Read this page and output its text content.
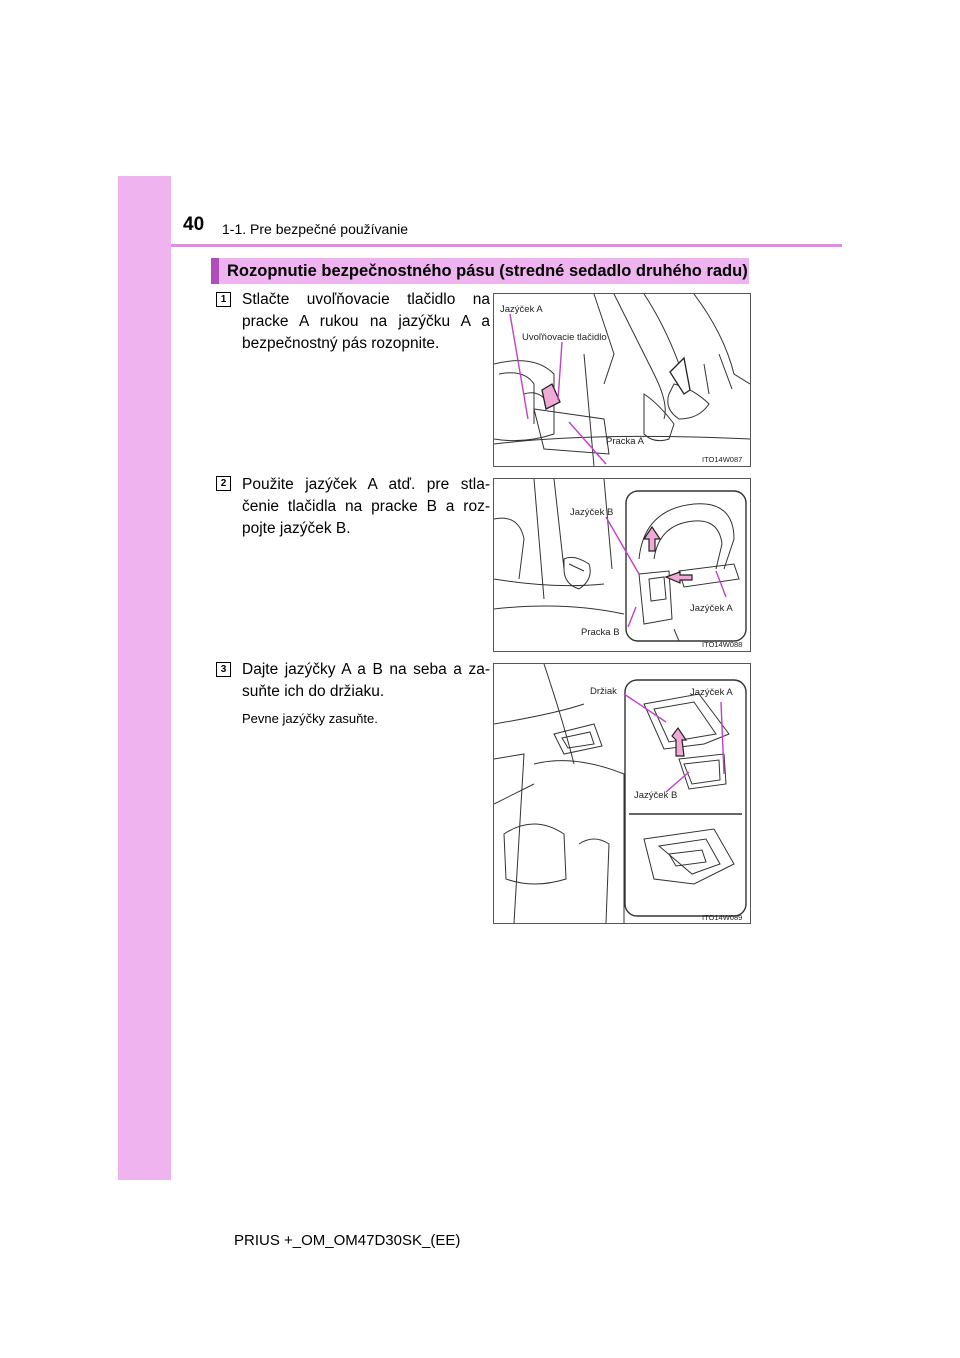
40 1-1. Pre bezpečné používanie
Rozopnutie bezpečnostného pásu (stredné sedadlo druhého radu)
1	Stlačte uvoľňovacie tlačidlo na pracke A rukou na jazýčku A a bezpečnostný pás rozopnite.
Jazýček A
Uvoľňovacie tlačidlo
Pracka A
ITO14W087
2	Použite jazýček A atď. pre stla-čenie tlačidla na pracke B a roz-pojte jazýček B.
Jazýček B
Jazýček A
Pracka B
ITO14W088
3	Dajte jazýčky A a B na seba a za-suňte ich do držiaku.
Pevne jazýčky zasuňte.
Držiak	Jazýček A
Jazýček B
ITO14W089
PRIUS +_OM_OM47D30SK_(EE)
